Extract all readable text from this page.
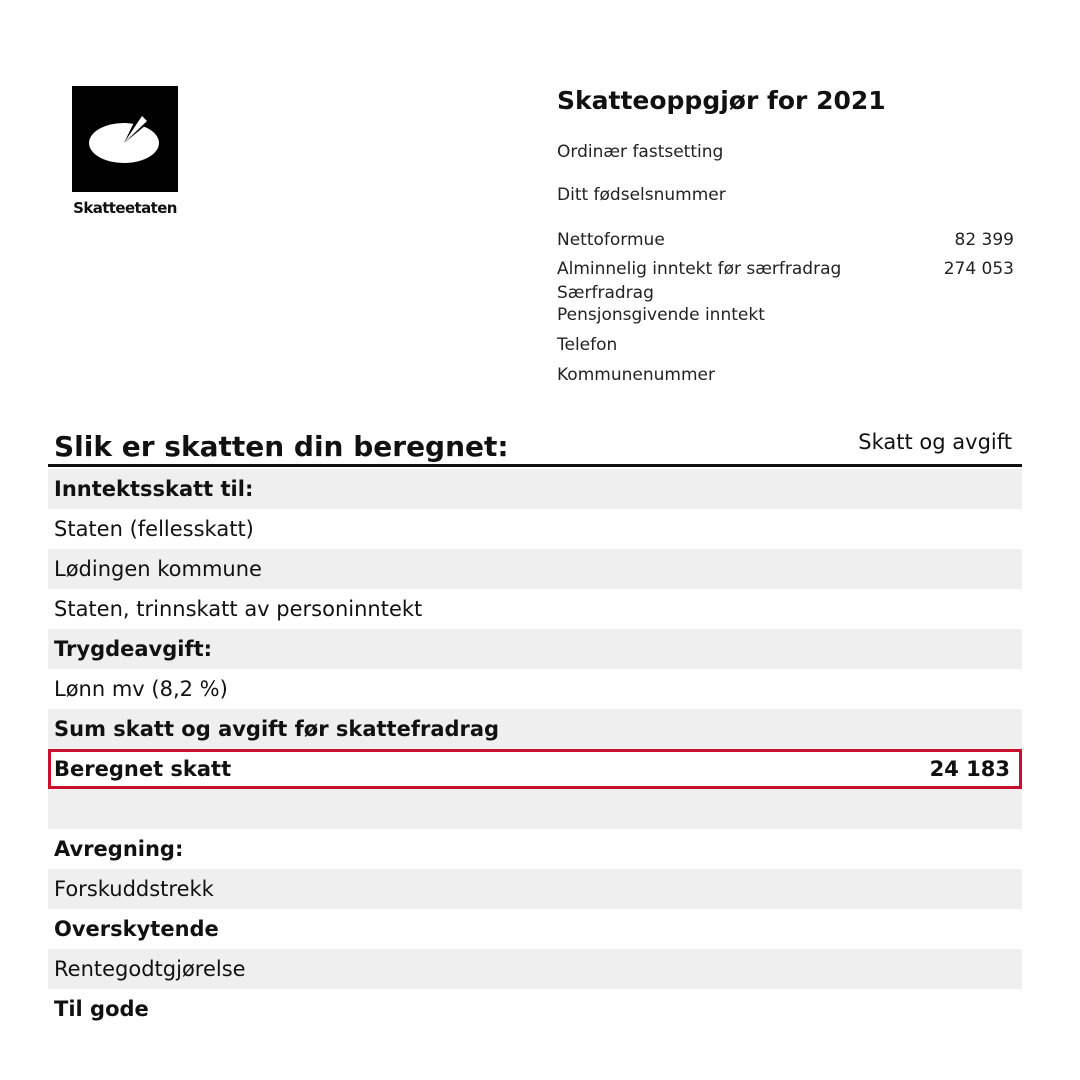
Skatteetaten
Skatteoppgjør for 2021
Ordinær fastsetting
Ditt fødselsnummer
Nettoformue	82 399
Alminnelig inntekt før særfradrag	274 053
Særfradrag
Pensjonsgivende inntekt
Telefon
Kommunenummer
Slik er skatten din beregnet:	Skatt og avgift
Inntektsskatt til:
Staten (fellesskatt)
Lødingen kommune
Staten, trinnskatt av personinntekt
Trygdeavgift:
Lønn mv (8,2 %)
Sum skatt og avgift før skattefradrag
Beregnet skatt	24 183
Avregning:
Forskuddstrekk
Overskytende
Rentegodtgjørelse
Til gode
